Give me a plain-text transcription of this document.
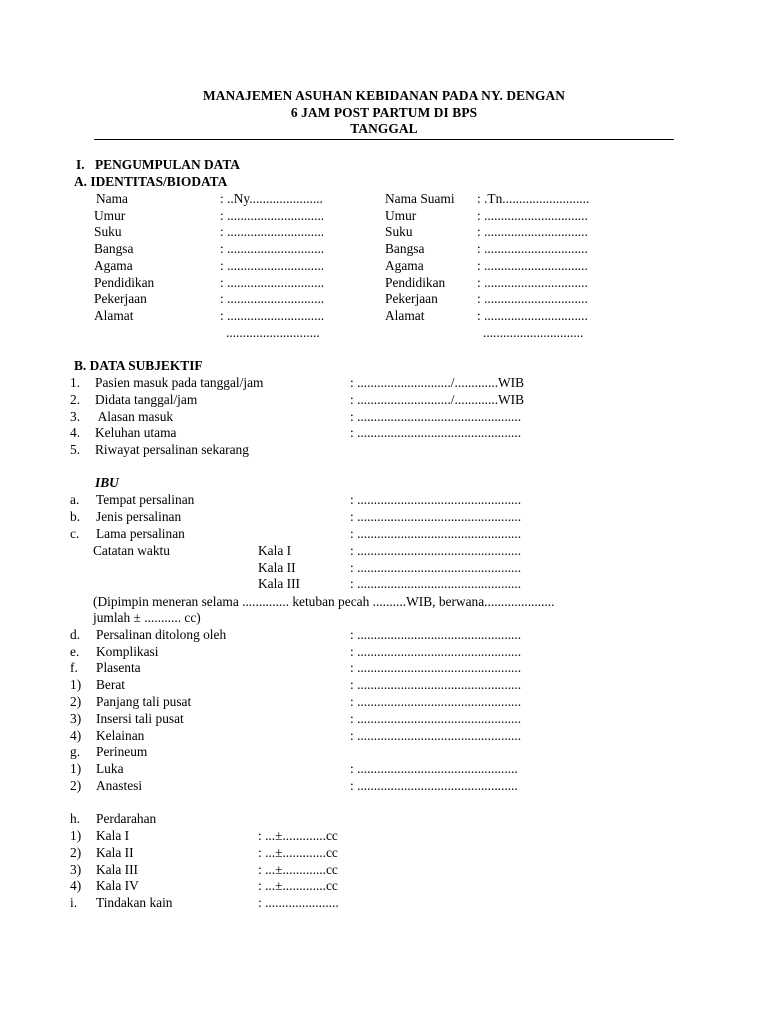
MANAJEMEN ASUHAN KEBIDANAN PADA NY. DENGAN
6 JAM POST PARTUM DI BPS
TANGGAL
I. PENGUMPULAN DATA
A. IDENTITAS/BIODATA
Nama	: ..Ny......................	Nama Suami : .Tn..........................
Umur	: .............................	Umur	: ...............................
Suku	: .............................	Suku	: ...............................
Bangsa	: .............................	Bangsa	: ...............................
Agama	: .............................	Agama	: ...............................
Pendidikan	: .............................	Pendidikan : ...............................
Pekerjaan	: .............................	Pekerjaan	: ...............................
Alamat	: .............................	Alamat	: ...............................
............................	..............................
B. DATA SUBJEKTIF
1. Pasien masuk pada tanggal/jam	: ............................/.............WIB
2. Didata tanggal/jam	: ............................/.............WIB
3. Alasan masuk	: .................................................
4. Keluhan utama	: .................................................
5. Riwayat persalinan sekarang
IBU
a. Tempat persalinan	: .................................................
b. Jenis persalinan	: .................................................
c. Lama persalinan	: .................................................
Catatan waktu	Kala I	: .................................................
Kala II	: .................................................
Kala III	: .................................................
(Dipimpin meneran selama .............. ketuban pecah ..........WIB, berwana.....................
jumlah ± ........... cc)
d. Persalinan ditolong oleh	: .................................................
e. Komplikasi	: .................................................
f. Plasenta	: .................................................
1) Berat	: .................................................
2) Panjang tali pusat	: .................................................
3) Insersi tali pusat	: .................................................
4) Kelainan	: .................................................
g. Perineum
1) Luka	: ................................................
2) Anastesi	: ................................................
h. Perdarahan
1) Kala I	: ...±.............cc
2) Kala II	: ...±.............cc
3) Kala III	: ...±.............cc
4) Kala IV	: ...±.............cc
i. Tindakan kain	: ......................
